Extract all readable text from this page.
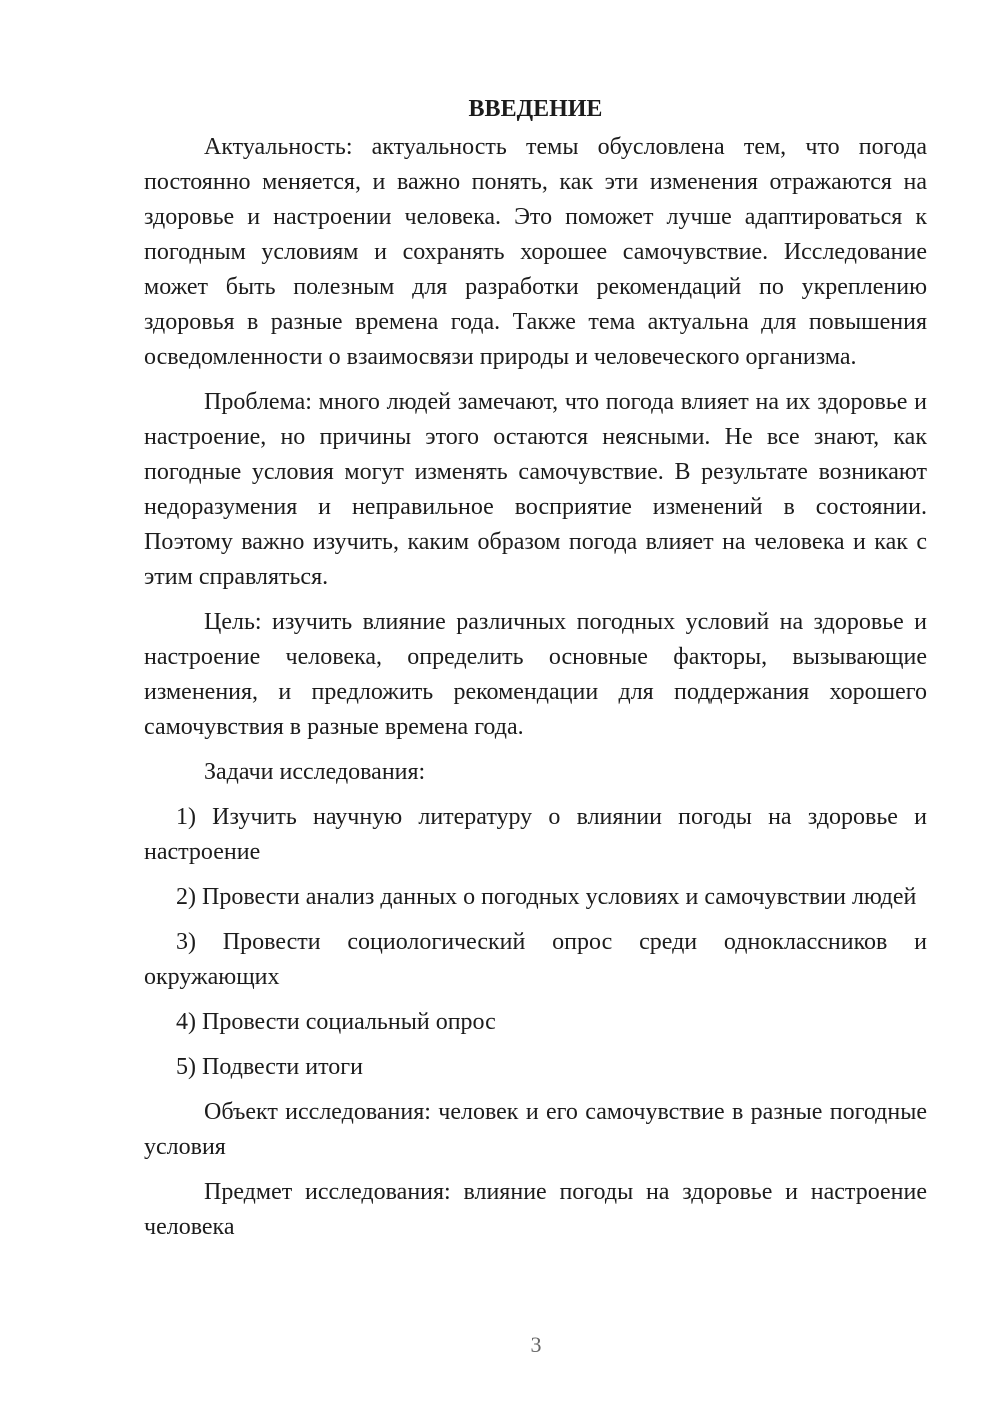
ВВЕДЕНИЕ

Актуальность: актуальность темы обусловлена тем, что погода постоянно меняется, и важно понять, как эти изменения отражаются на здоровье и настроении человека. Это поможет лучше адаптироваться к погодным условиям и сохранять хорошее самочувствие. Исследование может быть полезным для разработки рекомендаций по укреплению здоровья в разные времена года. Также тема актуальна для повышения осведомленности о взаимосвязи природы и человеческого организма.

Проблема: много людей замечают, что погода влияет на их здоровье и настроение, но причины этого остаются неясными. Не все знают, как погодные условия могут изменять самочувствие. В результате возникают недоразумения и неправильное восприятие изменений в состоянии. Поэтому важно изучить, каким образом погода влияет на человека и как с этим справляться.

Цель: изучить влияние различных погодных условий на здоровье и настроение человека, определить основные факторы, вызывающие изменения, и предложить рекомендации для поддержания хорошего самочувствия в разные времена года.

Задачи исследования:

1) Изучить научную литературу о влиянии погоды на здоровье и настроение

2) Провести анализ данных о погодных условиях и самочувствии людей

3) Провести социологический опрос среди одноклассников и окружающих

4) Провести социальный опрос

5) Подвести итоги

Объект исследования: человек и его самочувствие в разные погодные условия

Предмет исследования: влияние погоды на здоровье и настроение человека

3
